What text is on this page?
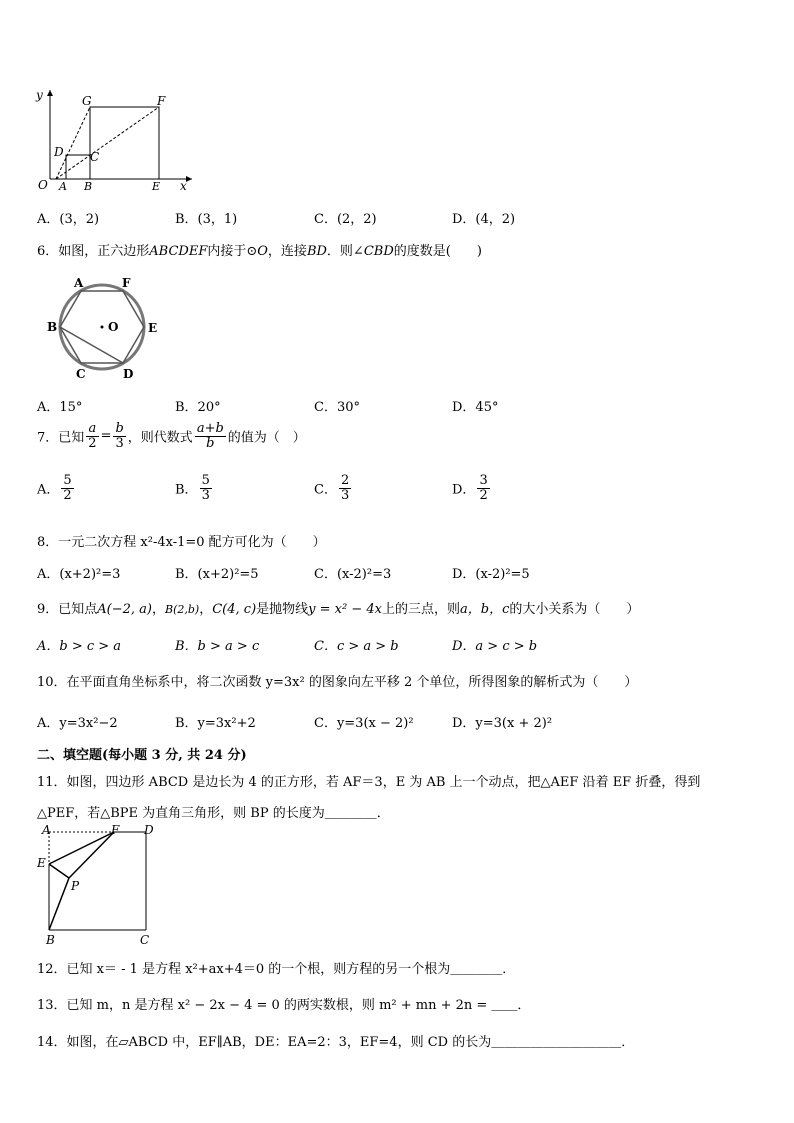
y
x
O A B	E
G	F
D C
A．(3，2)	B．(3，1)	C．(2，2)	D．(4，2)
6．如图，正六边形ABCDEF内接于⊙O，连接BD．则∠CBD的度数是(　　)
A	F
B	O E
C	D
A．15°	B．20°	C．30°	D．45°
7．已知 $\frac{a}{2} = \frac{b}{3}$ ，则代数式 $\frac{a+b}{b}$ 的值为（　）
A． $\frac{5}{2}$	B． $\frac{5}{3}$	C． $\frac{2}{3}$	D． $\frac{3}{2}$
8．一元二次方程 x²-4x-1=0 配方可化为（　　）
A．(x+2)²=3	B．(x+2)²=5	C．(x-2)²=3	D．(x-2)²=5
9．已知点A(−2, a)，B(2,b)，C(4, c)是抛物线y = x² − 4x上的三点，则a，b，c的大小关系为（　　）
A．b > c > a	B．b > a > c	C．c > a > b	D．a > c > b
10．在平面直角坐标系中，将二次函数 y=3x² 的图象向左平移 2 个单位，所得图象的解析式为（　　）
A．y=3x²−2	B．y=3x²+2	C．y=3(x − 2)²	D．y=3(x + 2)²
二、填空题(每小题 3 分, 共 24 分)
11．如图，四边形 ABCD 是边长为 4 的正方形，若 AF＝3，E 为 AB 上一个动点，把△AEF 沿着 EF 折叠，得到
△PEF，若△BPE 为直角三角形，则 BP 的长度为＿＿＿＿．
A	F D
E
P
B	C
12．已知 x＝ - 1 是方程 x²+ax+4＝0 的一个根，则方程的另一个根为＿＿＿＿．
13．已知 m，n 是方程 x² − 2x − 4 = 0 的两实数根，则 m² + mn + 2n = ＿＿．
14．如图，在▱ABCD 中，EF∥AB，DE：EA=2：3，EF=4，则 CD 的长为＿＿＿＿＿＿＿＿＿＿．
